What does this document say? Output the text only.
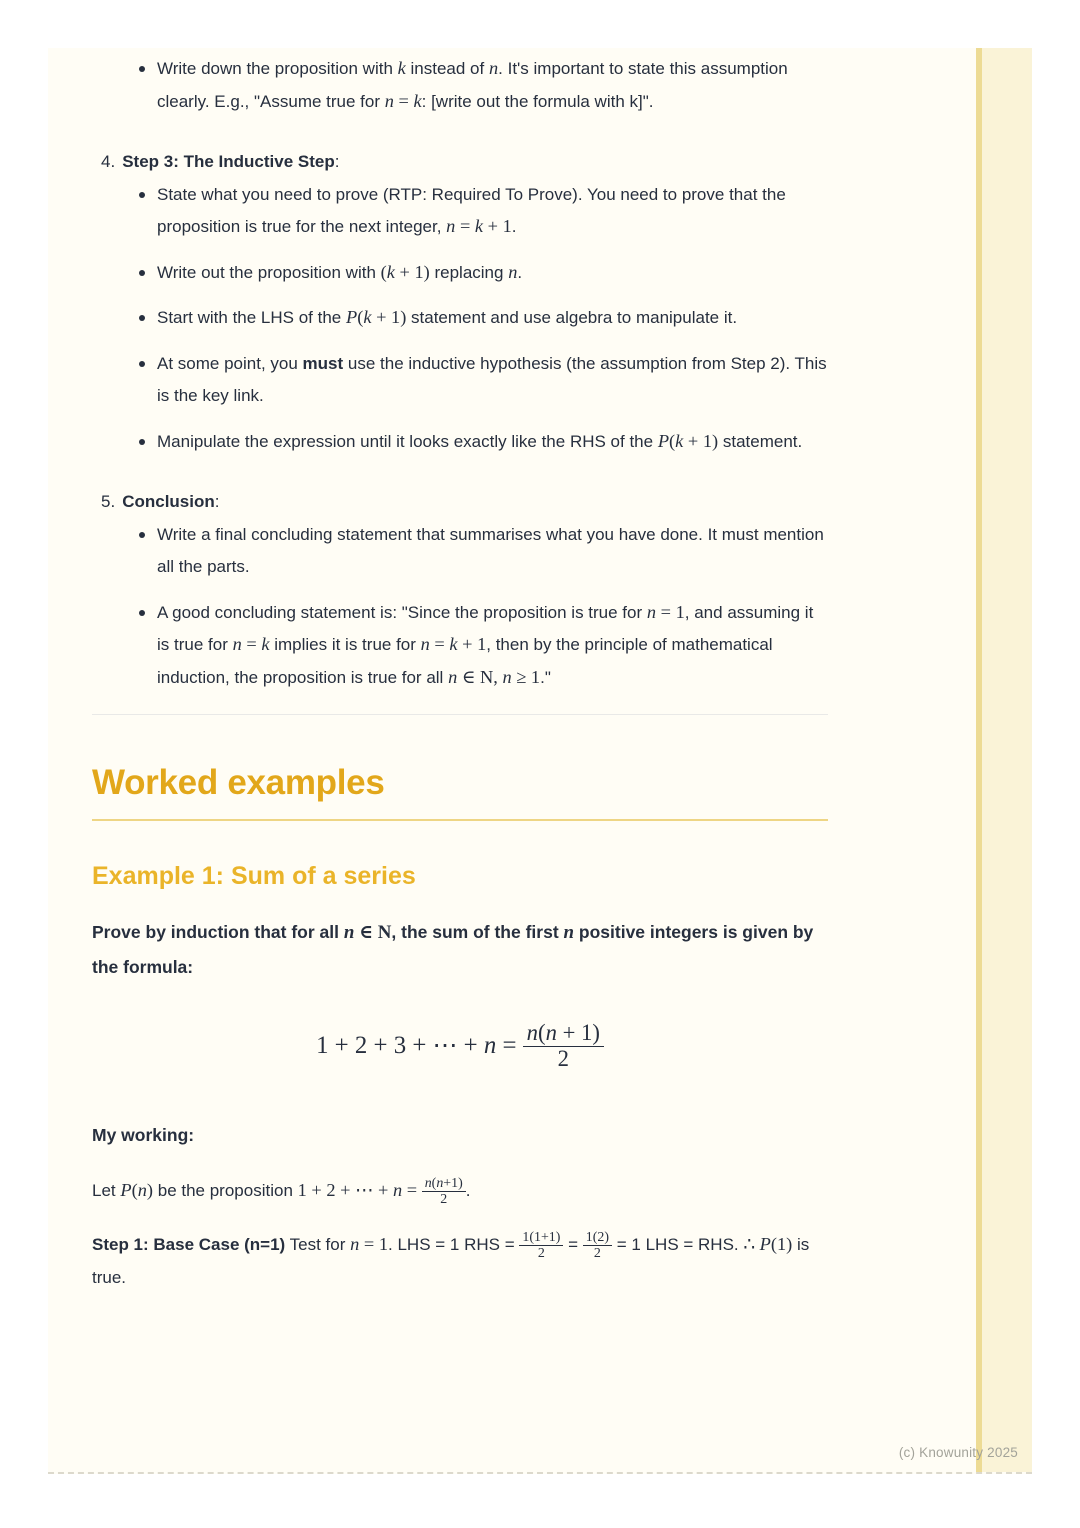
Write down the proposition with k instead of n. It's important to state this assumption clearly. E.g., "Assume true for n = k: [write out the formula with k]".
4. Step 3: The Inductive Step:
State what you need to prove (RTP: Required To Prove). You need to prove that the proposition is true for the next integer, n = k + 1.
Write out the proposition with (k + 1) replacing n.
Start with the LHS of the P(k + 1) statement and use algebra to manipulate it.
At some point, you must use the inductive hypothesis (the assumption from Step 2). This is the key link.
Manipulate the expression until it looks exactly like the RHS of the P(k + 1) statement.
5. Conclusion:
Write a final concluding statement that summarises what you have done. It must mention all the parts.
A good concluding statement is: "Since the proposition is true for n = 1, and assuming it is true for n = k implies it is true for n = k + 1, then by the principle of mathematical induction, the proposition is true for all n ∈ N, n ≥ 1."
Worked examples
Example 1: Sum of a series

Prove by induction that for all n ∈ N, the sum of the first n positive integers is given by the formula:

1 + 2 + 3 + ⋯ + $n = \frac{n(n + 1)}{2}$

My working:

Let P(n) be the proposition 1 + 2 + ⋯ + $n = \frac{n(n+1)}{2}$ .

Step 1: Base Case (n=1) Test for n = 1. LHS = 1 RHS = $\frac{1(1+1)}{2} = \frac{1(2)}{2} = 1$ LHS = RHS. ∴ P(1) is true.

(c) Knowunity 2025
